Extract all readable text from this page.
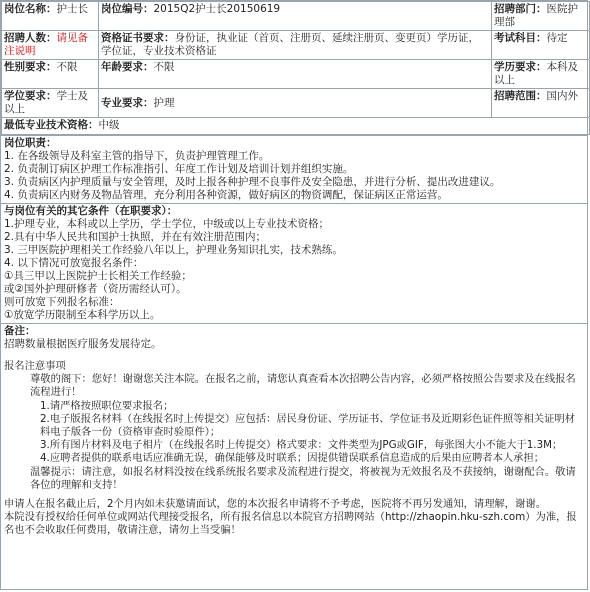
岗位名称：护士长	岗位编号：2015Q2护士长20150619	招聘部门：医院护理部
招聘人数：请见备注说明	资格证书要求：身份证，执业证（首页、注册页、延续注册页、变更页）学历证，学位证，专业技术资格证	考试科目：待定
性别要求：不限	年龄要求：不限	学历要求：本科及以上
学位要求：学士及以上	专业要求：护理	招聘范围：国内外
最低专业技术资格：中级		
岗位职责：
1. 在各级领导及科室主管的指导下，负责护理管理工作。
2. 负责制订病区护理工作标准指引、年度工作计划及培训计划并组织实施。
3. 负责病区内护理质量与安全管理，及时上报各种护理不良事件及安全隐患，并进行分析、提出改进建议。
4. 负责病区内财务及物品管理，充分利用各种资源，做好病区的物资调配，保证病区正常运营。
与岗位有关的其它条件（在职要求）：
1.护理专业，本科或以上学历，学士学位，中级或以上专业技术资格；
2.具有中华人民共和国护士执照，并在有效注册范围内；
3. 三甲医院护理相关工作经验八年以上，护理业务知识扎实，技术熟练。
4. 以下情况可放宽报名条件：
①具三甲以上医院护士长相关工作经验；
或②国外护理研修者（资历需经认可）。
则可放宽下列报名标准：
①放宽学历限制至本科学历以上。
备注：
招聘数量根据医疗服务发展待定。

报名注意事项

尊敬的阁下：您好！谢谢您关注本院。在报名之前，请您认真查看本次招聘公告内容，必须严格按照公告要求及在线报名流程进行！

1.请严格按照职位要求报名；

2.电子版报名材料（在线报名时上传提交）应包括：居民身份证、学历证书、学位证书及近期彩色证件照等相关证明材料电子版各一份（资格审查时验原件）；

3.所有图片材料及电子相片（在线报名时上传提交）格式要求：文件类型为JPG或GIF，每张图大小不能大于1.3M；

4.应聘者提供的联系电话应准确无误，确保能够及时联系；因提供错误联系信息造成的后果由应聘者本人承担；

温馨提示：请注意，如报名材料没按在线系统报名要求及流程进行提交，将被视为无效报名及不获接纳，谢谢配合。敬请各位的理解和支持！

申请人在报名截止后，2个月内如未获邀请面试，您的本次报名申请将不予考虑，医院将不再另发通知，请理解，谢谢。

本院没有授权给任何单位或网站代理接受报名，所有报名信息以本院官方招聘网站（http://zhaopin.hku-szh.com）为准，报名也不会收取任何费用，敬请注意，请勿上当受骗！
